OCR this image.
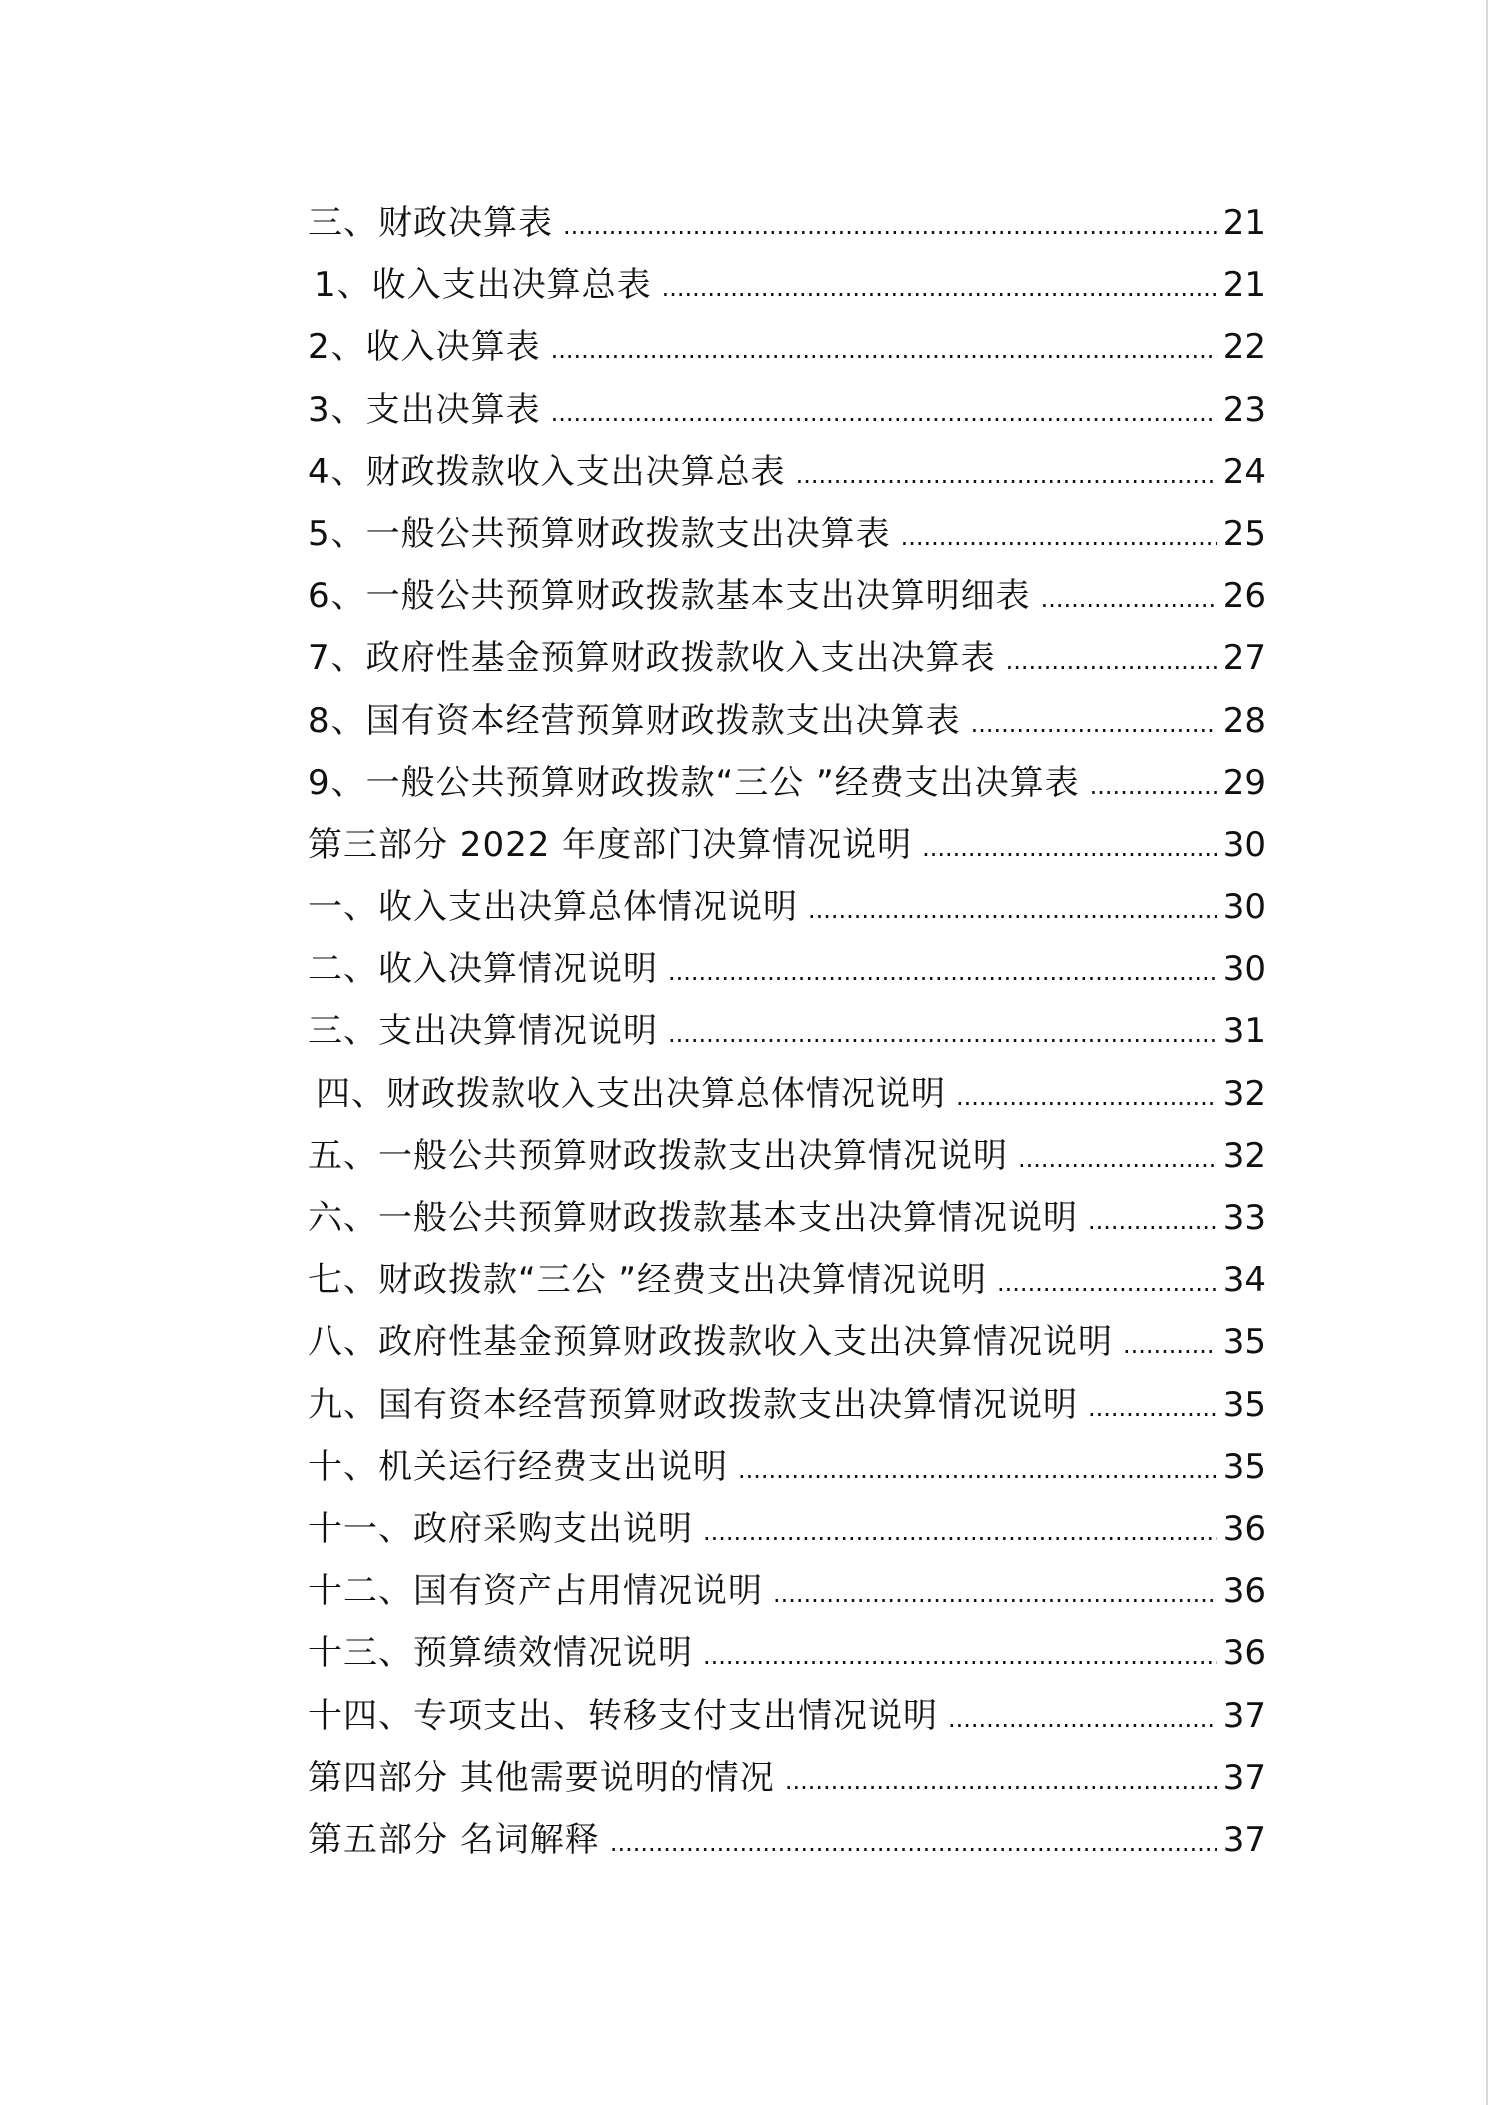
三、财政决算表 .....	21
1、收入支出决算总表 .....	21
2、收入决算表 .....	22
3、支出决算表 .....	23
4、财政拨款收入支出决算总表 .....	24
5、一般公共预算财政拨款支出决算表 .....	25
6、一般公共预算财政拨款基本支出决算明细表 .....	26
7、政府性基金预算财政拨款收入支出决算表 .....	27
8、国有资本经营预算财政拨款支出决算表 .....	28
9、一般公共预算财政拨款“三公 ”经费支出决算表 .....	29
第三部分 2022 年度部门决算情况说明 .....	30
一、收入支出决算总体情况说明 .....	30
二、收入决算情况说明 .....	30
三、支出决算情况说明 .....	31
四、财政拨款收入支出决算总体情况说明 .....	32
五、一般公共预算财政拨款支出决算情况说明 .....	32
六、一般公共预算财政拨款基本支出决算情况说明 .....	33
七、财政拨款“三公 ”经费支出决算情况说明 .....	34
八、政府性基金预算财政拨款收入支出决算情况说明 .....	35
九、国有资本经营预算财政拨款支出决算情况说明 .....	35
十、机关运行经费支出说明 .....	35
十一、政府采购支出说明 .....	36
十二、国有资产占用情况说明 .....	36
十三、预算绩效情况说明 .....	36
十四、专项支出、转移支付支出情况说明 .....	37
第四部分 其他需要说明的情况 .....	37
第五部分 名词解释 .....	37
